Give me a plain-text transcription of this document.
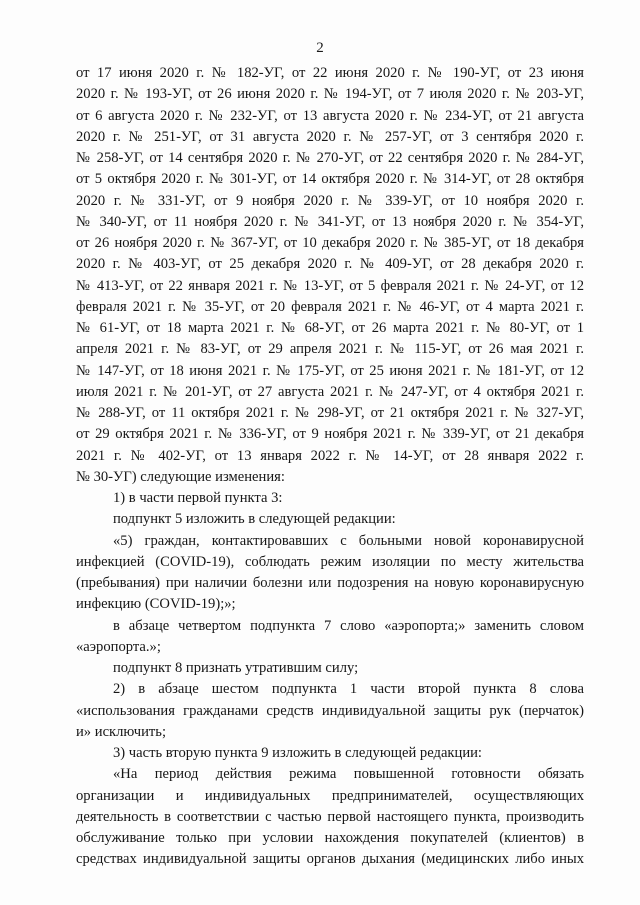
2
от 17 июня 2020 г. № 182-УГ, от 22 июня 2020 г. № 190-УГ, от 23 июня
2020 г. № 193-УГ, от 26 июня 2020 г. № 194-УГ, от 7 июля 2020 г. № 203-УГ,
от 6 августа 2020 г. № 232-УГ, от 13 августа 2020 г. № 234-УГ, от 21 августа
2020 г. № 251-УГ, от 31 августа 2020 г. № 257-УГ, от 3 сентября 2020 г.
№ 258-УГ, от 14 сентября 2020 г. № 270-УГ, от 22 сентября 2020 г. № 284-УГ,
от 5 октября 2020 г. № 301-УГ, от 14 октября 2020 г. № 314-УГ, от 28 октября
2020 г. № 331-УГ, от 9 ноября 2020 г. № 339-УГ, от 10 ноября 2020 г.
№ 340-УГ, от 11 ноября 2020 г. № 341-УГ, от 13 ноября 2020 г. № 354-УГ,
от 26 ноября 2020 г. № 367-УГ, от 10 декабря 2020 г. № 385-УГ, от 18 декабря
2020 г. № 403-УГ, от 25 декабря 2020 г. № 409-УГ, от 28 декабря 2020 г.
№ 413-УГ, от 22 января 2021 г. № 13-УГ, от 5 февраля 2021 г. № 24-УГ, от 12
февраля 2021 г. № 35-УГ, от 20 февраля 2021 г. № 46-УГ, от 4 марта 2021 г.
№ 61-УГ, от 18 марта 2021 г. № 68-УГ, от 26 марта 2021 г. № 80-УГ, от 1
апреля 2021 г. № 83-УГ, от 29 апреля 2021 г. № 115-УГ, от 26 мая 2021 г.
№ 147-УГ, от 18 июня 2021 г. № 175-УГ, от 25 июня 2021 г. № 181-УГ, от 12
июля 2021 г. № 201-УГ, от 27 августа 2021 г. № 247-УГ, от 4 октября 2021 г.
№ 288-УГ, от 11 октября 2021 г. № 298-УГ, от 21 октября 2021 г. № 327-УГ,
от 29 октября 2021 г. № 336-УГ, от 9 ноября 2021 г. № 339-УГ, от 21 декабря
2021 г. № 402-УГ, от 13 января 2022 г. № 14-УГ, от 28 января 2022 г.
№ 30-УГ) следующие изменения:
1) в части первой пункта 3:
подпункт 5 изложить в следующей редакции:
«5) граждан, контактировавших с больными новой коронавирусной
инфекцией (COVID-19), соблюдать режим изоляции по месту жительства
(пребывания) при наличии болезни или подозрения на новую коронавирусную
инфекцию (COVID-19);»;
в абзаце четвертом подпункта 7 слово «аэропорта;» заменить словом
«аэропорта.»;
подпункт 8 признать утратившим силу;
2) в абзаце шестом подпункта 1 части второй пункта 8 слова
«использования гражданами средств индивидуальной защиты рук (перчаток)
и» исключить;
3) часть вторую пункта 9 изложить в следующей редакции:
«На период действия режима повышенной готовности обязать
организации и индивидуальных предпринимателей, осуществляющих
деятельность в соответствии с частью первой настоящего пункта, производить
обслуживание только при условии нахождения покупателей (клиентов) в
средствах индивидуальной защиты органов дыхания (медицинских либо иных
